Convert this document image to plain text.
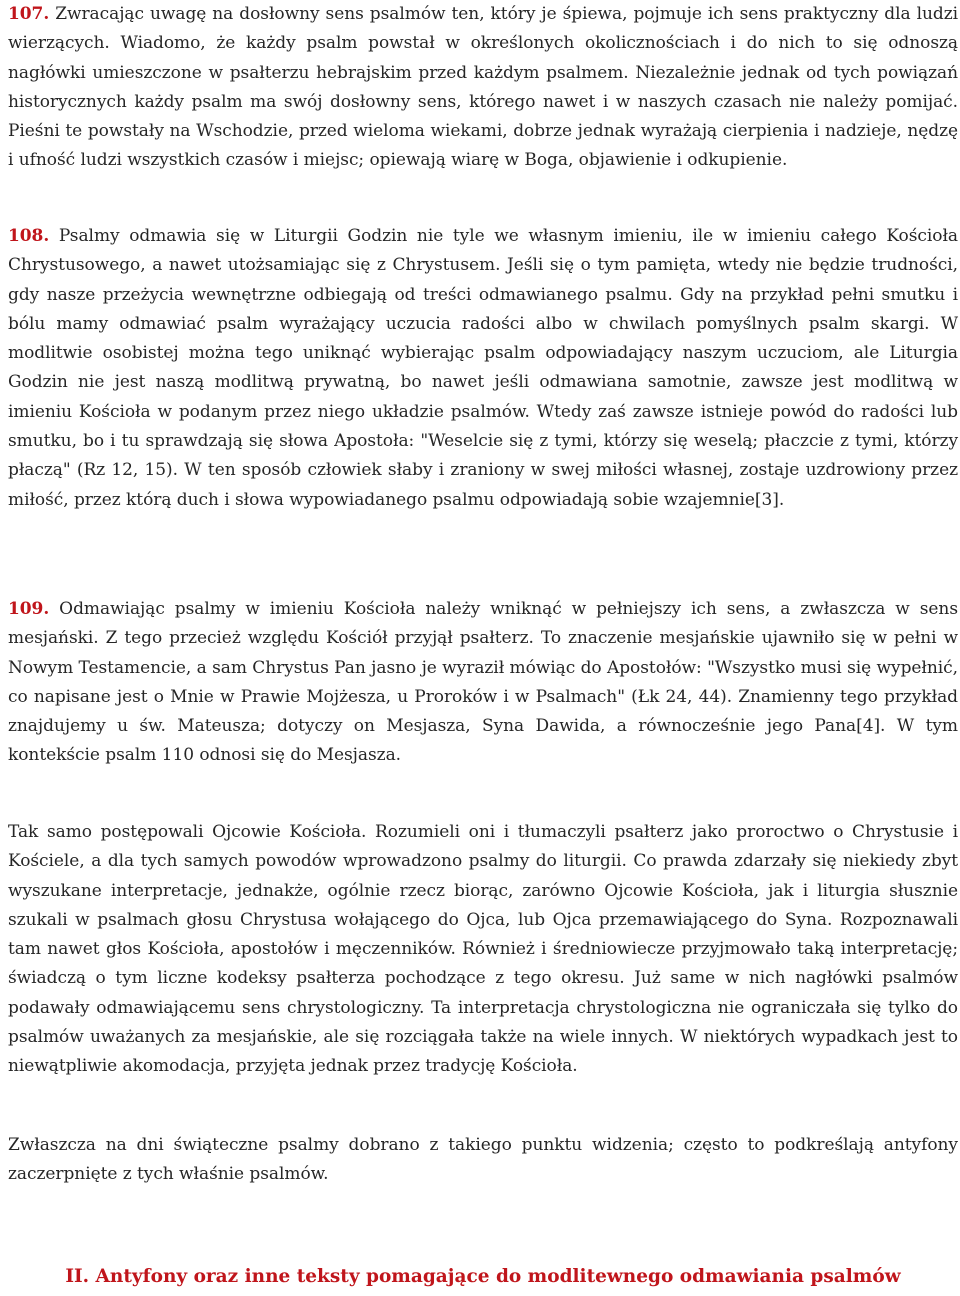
107. Zwracając uwagę na dosłowny sens psalmów ten, który je śpiewa, pojmuje ich sens praktyczny dla ludzi wierzących. Wiadomo, że każdy psalm powstał w określonych okolicznościach i do nich to się odnoszą nagłówki umieszczone w psałterzu hebrajskim przed każdym psalmem. Niezależnie jednak od tych powiązań historycznych każdy psalm ma swój dosłowny sens, którego nawet i w naszych czasach nie należy pomijać. Pieśni te powstały na Wschodzie, przed wieloma wiekami, dobrze jednak wyrażają cierpienia i nadzieje, nędzę i ufność ludzi wszystkich czasów i miejsc; opiewają wiarę w Boga, objawienie i odkupienie.

108. Psalmy odmawia się w Liturgii Godzin nie tyle we własnym imieniu, ile w imieniu całego Kościoła Chrystusowego, a nawet utożsamiając się z Chrystusem. Jeśli się o tym pamięta, wtedy nie będzie trudności, gdy nasze przeżycia wewnętrzne odbiegają od treści odmawianego psalmu. Gdy na przykład pełni smutku i bólu mamy odmawiać psalm wyrażający uczucia radości albo w chwilach pomyślnych psalm skargi. W modlitwie osobistej można tego uniknąć wybierając psalm odpowiadający naszym uczuciom, ale Liturgia Godzin nie jest naszą modlitwą prywatną, bo nawet jeśli odmawiana samotnie, zawsze jest modlitwą w imieniu Kościoła w podanym przez niego układzie psalmów. Wtedy zaś zawsze istnieje powód do radości lub smutku, bo i tu sprawdzają się słowa Apostoła: "Weselcie się z tymi, którzy się weselą; płaczcie z tymi, którzy płaczą" (Rz 12, 15). W ten sposób człowiek słaby i zraniony w swej miłości własnej, zostaje uzdrowiony przez miłość, przez którą duch i słowa wypowiadanego psalmu odpowiadają sobie wzajemnie[3].

109. Odmawiając psalmy w imieniu Kościoła należy wniknąć w pełniejszy ich sens, a zwłaszcza w sens mesjański. Z tego przecież względu Kościół przyjął psałterz. To znaczenie mesjańskie ujawniło się w pełni w Nowym Testamencie, a sam Chrystus Pan jasno je wyraził mówiąc do Apostołów: "Wszystko musi się wypełnić, co napisane jest o Mnie w Prawie Mojżesza, u Proroków i w Psalmach" (Łk 24, 44). Znamienny tego przykład znajdujemy u św. Mateusza; dotyczy on Mesjasza, Syna Dawida, a równocześnie jego Pana[4]. W tym kontekście psalm 110 odnosi się do Mesjasza.

Tak samo postępowali Ojcowie Kościoła. Rozumieli oni i tłumaczyli psałterz jako proroctwo o Chrystusie i Kościele, a dla tych samych powodów wprowadzono psalmy do liturgii. Co prawda zdarzały się niekiedy zbyt wyszukane interpretacje, jednakże, ogólnie rzecz biorąc, zarówno Ojcowie Kościoła, jak i liturgia słusznie szukali w psalmach głosu Chrystusa wołającego do Ojca, lub Ojca przemawiającego do Syna. Rozpoznawali tam nawet głos Kościoła, apostołów i męczenników. Również i średniowiecze przyjmowało taką interpretację; świadczą o tym liczne kodeksy psałterza pochodzące z tego okresu. Już same w nich nagłówki psalmów podawały odmawiającemu sens chrystologiczny. Ta interpretacja chrystologiczna nie ograniczała się tylko do psalmów uważanych za mesjańskie, ale się rozciągała także na wiele innych. W niektórych wypadkach jest to niewątpliwie akomodacja, przyjęta jednak przez tradycję Kościoła.

Zwłaszcza na dni świąteczne psalmy dobrano z takiego punktu widzenia; często to podkreślają antyfony zaczerpnięte z tych właśnie psalmów.

II. Antyfony oraz inne teksty pomagające do modlitewnego odmawiania psalmów
